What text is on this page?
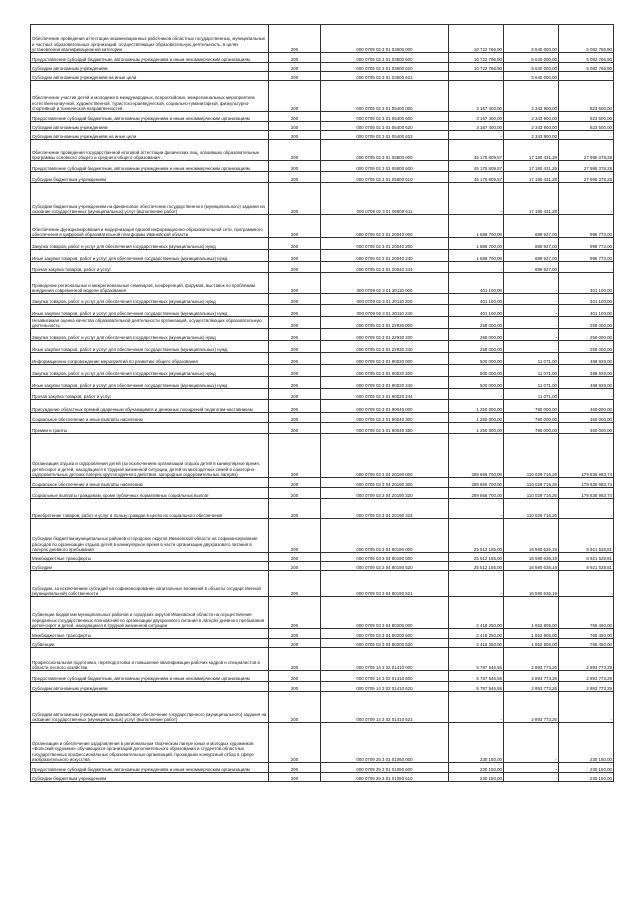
Обеспечение проведения аттестации экзаменационных работников областных государственных, муниципальных и частных образовательных организаций, осуществляющих образовательную деятельность, в целях установления квалификационной категории	200	000 0709 02 3 01 03600 000	10 722 766,90	5 640 000,00	5 082 766,90
Предоставление субсидий бюджетным, автономным учреждениям и иным некоммерческим организациям	200	000 0709 02 3 01 03600 600	10 722 766,90	5 640 000,00	5 082 766,90
Субсидии автономным учреждениям	200	000 0709 02 3 01 03600 620	10 722 766,90	5 640 000,00	5 082 766,90
Субсидии автономным учреждениям на иные цели	200	000 0709 02 3 01 03600 622	-	5 640 000,00	-
Обеспечение участия детей и молодежи в международных, всероссийских, межрегиональных мероприятиях естественнонаучной, художественной, туристско-краеведческой, социально-гуманитарной, физкультурно-спортивной и технической направленностей	200	000 0709 02 3 01 05400 000	3 167 400,00	2 343 900,00	823 500,00
Предоставление субсидий бюджетным, автономным учреждениям и иным некоммерческим организациям	200	000 0709 02 3 01 05400 600	3 167 400,00	2 343 900,00	823 500,00
Субсидии автономным учреждениям	200	000 0709 02 3 01 05400 620	3 167 400,00	2 343 900,00	823 500,00
Субсидии автономным учреждениям на иные цели	200	000 0709 02 3 01 05400 622	-	2 343 900,00	-
Обеспечение проведения государственной итоговой аттестации физических лиц, освоивших образовательные программы основного общего и среднего общего образования	200	000 0709 02 3 01 05800 000	45 175 809,57	17 180 431,29	27 995 378,28
Предоставление субсидий бюджетным, автономным учреждениям и иным некоммерческим организациям	200	000 0709 02 3 01 05800 600	45 175 809,57	17 180 431,29	27 995 378,28
Субсидии бюджетным учреждениям	200	000 0709 02 3 01 05800 610	45 175 809,57	17 180 431,29	27 995 378,28
Субсидии бюджетным учреждениям на финансовое обеспечение государственного (муниципального) задания на оказание государственных (муниципальных) услуг (выполнение работ)	200	000 0709 02 3 01 05800 611	-	17 180 431,29	-
Обеспечение функционирования и модернизация единой информационно-образовательной сети, программного обеспечения в цифровой образовательной платформы Ивановской области	200	000 0709 02 3 01 20040 000	1 888 700,00	889 927,00	998 773,00
Закупка товаров, работ и услуг для обеспечения государственных (муниципальных) нужд	200	000 0709 02 3 01 20040 200	1 888 700,00	889 927,00	998 773,00
Иные закупки товаров, работ и услуг для обеспечения государственных (муниципальных) нужд	200	000 0709 02 3 01 20040 240	1 888 700,00	889 927,00	998 773,00
Прочая закупка товаров, работ и услуг	200	000 0709 02 3 01 20040 244	-	889 927,00	-
Проведение региональных и межрегиональных семинаров, конференций, форумов, выставок по проблемам внедрения современной модели образования	200	000 0709 02 3 01 20110 000	401 100,00	-	401 100,00
Закупка товаров, работ и услуг для обеспечения государственных (муниципальных) нужд	200	000 0709 02 3 01 20110 200	401 100,00	-	401 100,00
Иные закупки товаров, работ и услуг для обеспечения государственных (муниципальных) нужд	200	000 0709 02 3 01 20110 240	401 100,00	-	401 100,00
Независимая оценка качества образовательной деятельности организаций, осуществляющих образовательную деятельность	200	000 0709 02 3 01 22930 000	258 000,00	-	258 000,00
Закупка товаров, работ и услуг для обеспечения государственных (муниципальных) нужд	200	000 0709 02 3 01 22930 200	258 000,00	-	258 000,00
Иные закупки товаров, работ и услуг для обеспечения государственных (муниципальных) нужд	200	000 0709 02 3 01 22930 240	258 000,00	-	258 000,00
Информационно-сопровождение мероприятий по развитию общего образования	200	000 0709 02 3 01 90020 000	500 000,00	11 071,00	488 929,00
Закупка товаров, работ и услуг для обеспечения государственных (муниципальных) нужд	200	000 0709 02 3 01 90020 200	500 000,00	11 071,00	488 929,00
Иные закупки товаров, работ и услуг для обеспечения государственных (муниципальных) нужд	200	000 0709 02 3 01 90020 240	500 000,00	11 071,00	488 929,00
Прочая закупка товаров, работ и услуг	200	000 0709 02 3 01 90020 244	-	11 071,00	-
Присуждение областных премий одаренным обучающимся и денежных поощрений педагогам-наставникам	200	000 0709 02 3 01 90040 000	1 250 000,00	790 000,00	460 000,00
Социальное обеспечение и иные выплаты населению	200	000 0709 02 3 01 90040 300	1 250 000,00	790 000,00	460 000,00
Премии и гранты	200	000 0709 02 3 01 90040 350	1 250 000,00	790 000,00	460 000,00
Организация отдыха и оздоровления детей (за исключением организации отдыха детей в каникулярное время, детей-сирот и детей, находящихся в трудной жизненной ситуации, детей из многодетных семей в санаторно-оздоровительных детских лагерях круглогодичного действия, загородных оздоровительных лагерях)	200	000 0709 03 3 04 20190 000	289 866 700,00	110 029 716,26	179 836 983,74
Социальное обеспечение и иные выплаты населению	200	000 0709 03 3 04 20190 300	289 866 700,00	110 029 716,26	179 836 983,74
Социальные выплаты гражданам, кроме публичных нормативных социальных выплат	200	000 0709 03 3 04 20190 320	289 866 700,00	110 029 716,26	179 836 983,74
Приобретение товаров, работ и услуг в пользу граждан в целях их социального обеспечения	200	000 0709 03 3 04 20190 323	-	110 029 716,26	-
Субсидии бюджетам муниципальных районов и городских округов Ивановской области на софинансирование расходов по организации отдыха детей в каникулярное время в части организации двухразового питания в лагерях дневного пребывания	200	000 0709 03 3 04 80190 000	25 512 165,00	16 590 636,19	8 921 528,81
Межбюджетные трансферты	200	000 0709 03 3 04 80190 500	25 512 165,00	16 590 636,19	8 921 528,81
Субсидии	200	000 0709 03 3 04 80190 520	25 512 165,00	16 590 636,19	8 921 528,81
Субсидии, за исключением субсидий на софинансирование капитальных вложений в объекты государственной (муниципальной) собственности	200	000 0709 03 3 04 80190 521	-	16 590 636,19	-
Субвенции бюджетам муниципальных районов и городских округов Ивановской области на осуществление переданных государственных полномочий по организации двухразового питания в лагерях дневного пребывания детей-сирот и детей, находящихся в трудной жизненной ситуации	200	000 0709 03 3 04 80200 000	2 418 250,00	1 652 805,00	765 450,00
Межбюджетные трансферты	200	000 0709 03 3 04 80200 500	2 418 250,00	1 652 805,00	765 450,00
Субвенции	200	000 0709 03 3 04 80200 530	2 418 250,00	1 652 805,00	765 450,00
Профессиональная подготовка, переподготовка и повышение квалификации рабочих кадров и специалистов в области лесного хозяйства	200	000 0709 14 3 02 01410 000	5 787 546,55	2 893 773,26	2 893 773,29
Предоставление субсидий бюджетным, автономным учреждениям и иным некоммерческим организациям	200	000 0709 14 3 02 01410 600	5 787 546,55	2 893 773,26	2 893 773,29
Субсидии автономным учреждениям	200	000 0709 14 3 02 01410 620	5 787 546,55	2 893 773,26	2 893 773,29
Субсидии автономным учреждениям на финансовое обеспечение государственного (муниципального) задания на оказание государственных (муниципальных) услуг (выполнение работ)	200	000 0709 14 3 02 01410 621	-	2 893 773,26	-
Организация и обеспечение оздоровления в региональном творческом лагере юных и молодых художников «Вольский художник» обучающихся организаций дополнительного образования и студентов областных государственных профессиональных образовательных организаций, прошедших конкурсный отбор в сфере изобразительного искусства	200	000 0709 25 3 01 01060 000	230 150,00	-	230 150,00
Предоставление субсидий бюджетным, автономным учреждениям и иным некоммерческим организациям	200	000 0709 25 3 01 01060 600	230 150,00	-	230 150,00
Субсидии бюджетным учреждениям	200	000 0709 25 3 01 01060 610	230 150,00	-	230 150,00
